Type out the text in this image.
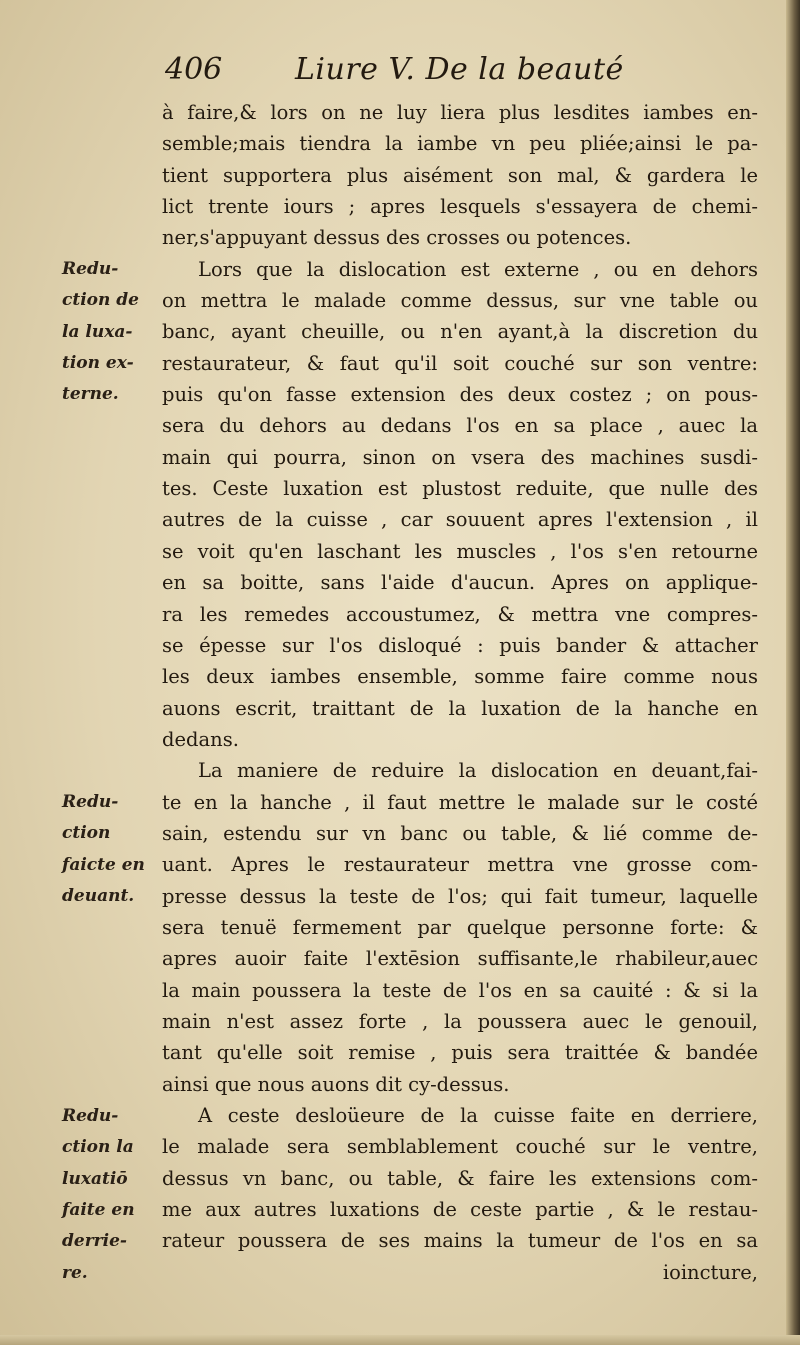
406	Liure V. De la beauté
Redu-
ction de
la luxa-
tion ex-
terne.
Redu-
ction
faicte en
deuant.
Redu-
ction la
luxatiō
faite en
derrie-
re.
à faire,& lors on ne luy liera plus lesdites iambes en-
semble;mais tiendra la iambe vn peu pliée;ainsi le pa-
tient supportera plus aisément son mal, & gardera le
lict trente iours ; apres lesquels s'essayera de chemi-
ner,s'appuyant dessus des crosses ou potences.
Lors que la dislocation est externe , ou en dehors
on mettra le malade comme dessus, sur vne table ou
banc, ayant cheuille, ou n'en ayant,à la discretion du
restaurateur, & faut qu'il soit couché sur son ventre:
puis qu'on fasse extension des deux costez ; on pous-
sera du dehors au dedans l'os en sa place , auec la
main qui pourra, sinon on vsera des machines susdi-
tes. Ceste luxation est plustost reduite, que nulle des
autres de la cuisse , car souuent apres l'extension , il
se voit qu'en laschant les muscles , l'os s'en retourne
en sa boitte, sans l'aide d'aucun. Apres on applique-
ra les remedes accoustumez, & mettra vne compres-
se épesse sur l'os disloqué : puis bander & attacher
les deux iambes ensemble, somme faire comme nous
auons escrit, traittant de la luxation de la hanche en
dedans.
La maniere de reduire la dislocation en deuant,fai-
te en la hanche , il faut mettre le malade sur le costé
sain, estendu sur vn banc ou table, & lié comme de-
uant. Apres le restaurateur mettra vne grosse com-
presse dessus la teste de l'os; qui fait tumeur, laquelle
sera tenuë fermement par quelque personne forte: &
apres auoir faite l'extēsion suffisante,le rhabileur,auec
la main poussera la teste de l'os en sa cauité : & si la
main n'est assez forte , la poussera auec le genouil,
tant qu'elle soit remise , puis sera traittée & bandée
ainsi que nous auons dit cy-dessus.
A ceste desloüeure de la cuisse faite en derriere,
le malade sera semblablement couché sur le ventre,
dessus vn banc, ou table, & faire les extensions com-
me aux autres luxations de ceste partie , & le restau-
rateur poussera de ses mains la tumeur de l'os en sa
ioincture,
